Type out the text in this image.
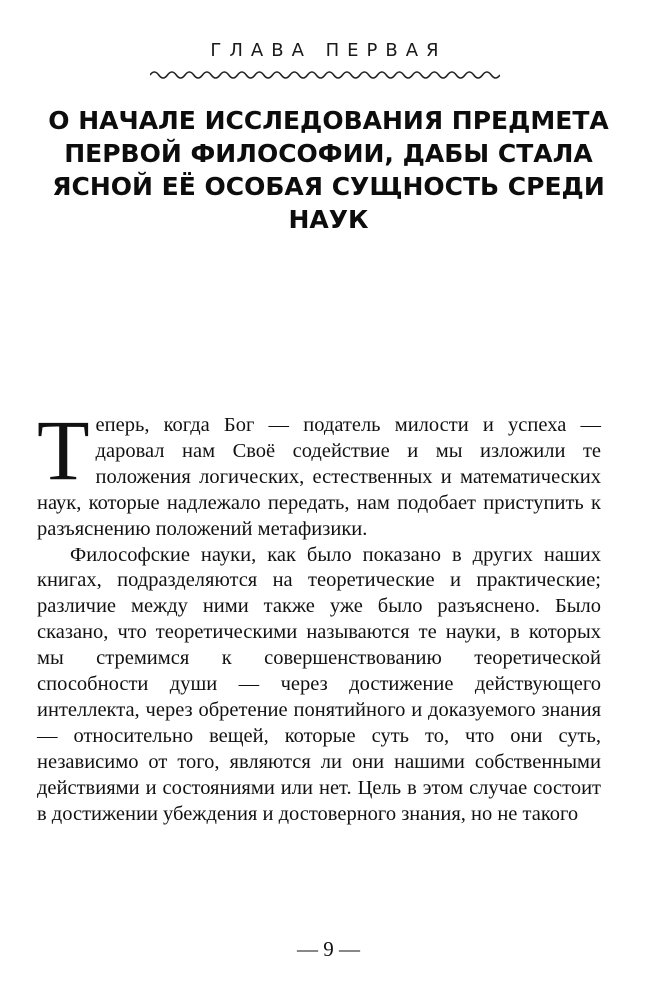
ГЛАВА ПЕРВАЯ
О НАЧАЛЕ ИССЛЕДОВАНИЯ ПРЕДМЕТА ПЕРВОЙ ФИЛОСОФИИ, ДАБЫ СТАЛА ЯСНОЙ ЕЁ ОСОБАЯ СУЩНОСТЬ СРЕДИ НАУК

Теперь, когда Бог — податель милости и успеха — даровал нам Своё содействие и мы изложили те положения логических, естественных и математических наук, которые надлежало передать, нам подобает приступить к разъяснению положений метафизики.

Философские науки, как было показано в других наших книгах, подразделяются на теоретические и практические; различие между ними также уже было разъяснено. Было сказано, что теоретическими называются те науки, в которых мы стремимся к совершенствованию теоретической способности души — через достижение действующего интеллекта, через обретение понятийного и доказуемого знания — относительно вещей, которые суть то, что они суть, независимо от того, являются ли они нашими собственными действиями и состояниями или нет. Цель в этом случае состоит в достижении убеждения и достоверного знания, но не такого

— 9 —
